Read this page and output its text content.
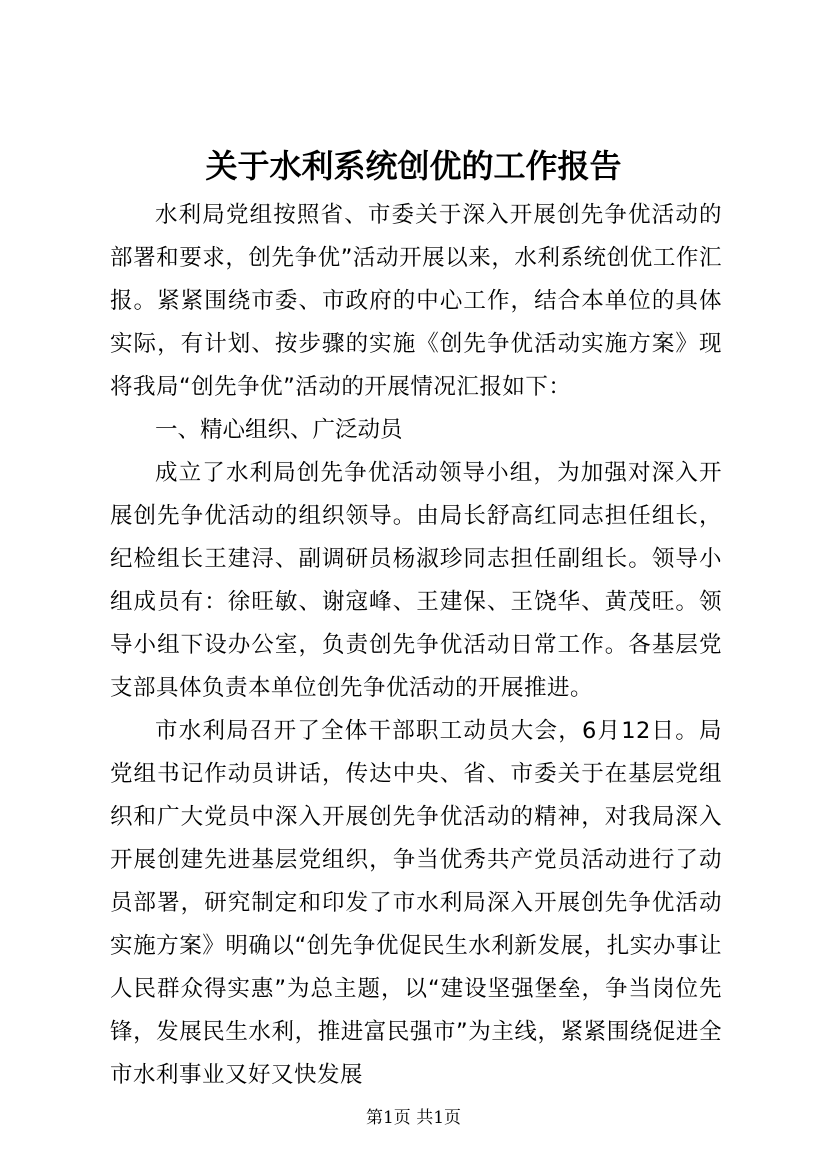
关于水利系统创优的工作报告

水利局党组按照省、市委关于深入开展创先争优活动的部署和要求，创先争优”活动开展以来，水利系统创优工作汇报。紧紧围绕市委、市政府的中心工作，结合本单位的具体实际，有计划、按步骤的实施《创先争优活动实施方案》现将我局“创先争优”活动的开展情况汇报如下：

一、精心组织、广泛动员

成立了水利局创先争优活动领导小组，为加强对深入开展创先争优活动的组织领导。由局长舒高红同志担任组长，纪检组长王建浔、副调研员杨淑珍同志担任副组长。领导小组成员有：徐旺敏、谢寇峰、王建保、王饶华、黄茂旺。领导小组下设办公室，负责创先争优活动日常工作。各基层党支部具体负责本单位创先争优活动的开展推进。

市水利局召开了全体干部职工动员大会，6月12日。局党组书记作动员讲话，传达中央、省、市委关于在基层党组织和广大党员中深入开展创先争优活动的精神，对我局深入开展创建先进基层党组织，争当优秀共产党员活动进行了动员部署，研究制定和印发了市水利局深入开展创先争优活动实施方案》明确以“创先争优促民生水利新发展，扎实办事让人民群众得实惠”为总主题，以“建设坚强堡垒，争当岗位先锋，发展民生水利，推进富民强市”为主线，紧紧围绕促进全市水利事业又好又快发展

第1页 共1页
